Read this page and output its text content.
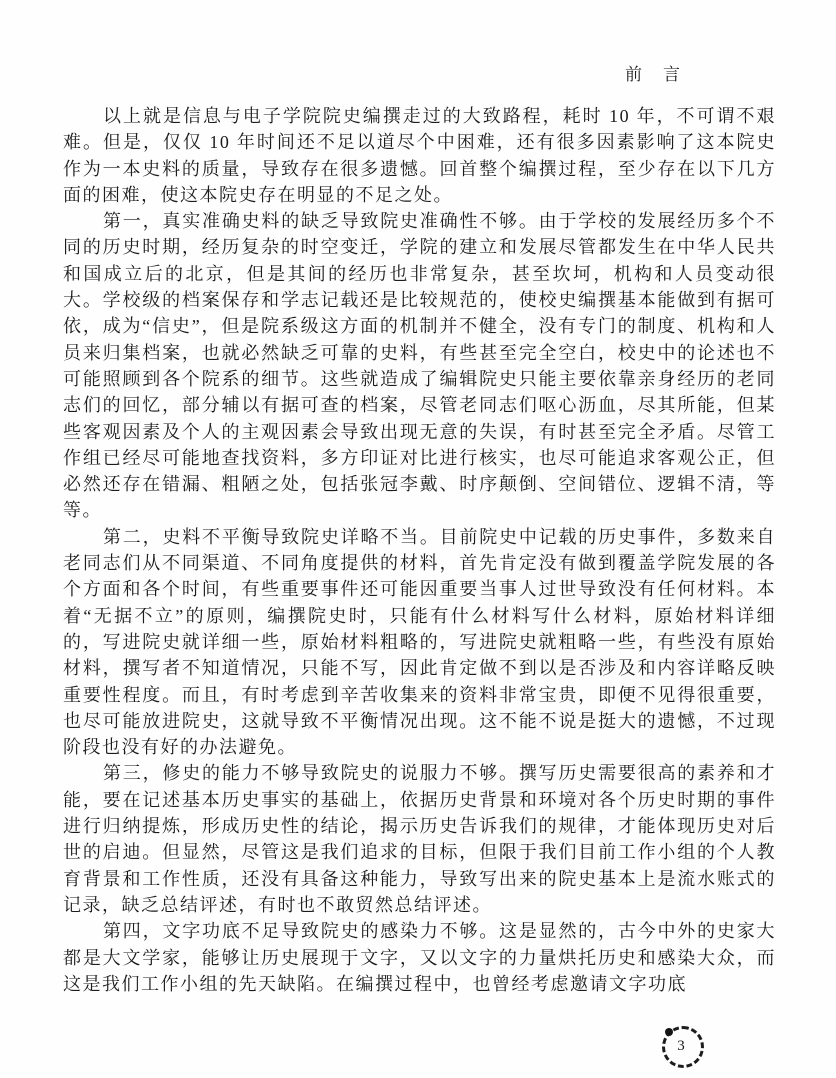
前　言

以上就是信息与电子学院院史编撰走过的大致路程，耗时 10 年，不可谓不艰难。但是，仅仅 10 年时间还不足以道尽个中困难，还有很多因素影响了这本院史作为一本史料的质量，导致存在很多遗憾。回首整个编撰过程，至少存在以下几方面的困难，使这本院史存在明显的不足之处。

第一，真实准确史料的缺乏导致院史准确性不够。由于学校的发展经历多个不同的历史时期，经历复杂的时空变迁，学院的建立和发展尽管都发生在中华人民共和国成立后的北京，但是其间的经历也非常复杂，甚至坎坷，机构和人员变动很大。学校级的档案保存和学志记载还是比较规范的，使校史编撰基本能做到有据可依，成为“信史”，但是院系级这方面的机制并不健全，没有专门的制度、机构和人员来归集档案，也就必然缺乏可靠的史料，有些甚至完全空白，校史中的论述也不可能照顾到各个院系的细节。这些就造成了编辑院史只能主要依靠亲身经历的老同志们的回忆，部分辅以有据可查的档案，尽管老同志们呕心沥血，尽其所能，但某些客观因素及个人的主观因素会导致出现无意的失误，有时甚至完全矛盾。尽管工作组已经尽可能地查找资料，多方印证对比进行核实，也尽可能追求客观公正，但必然还存在错漏、粗陋之处，包括张冠李戴、时序颠倒、空间错位、逻辑不清，等等。

第二，史料不平衡导致院史详略不当。目前院史中记载的历史事件，多数来自老同志们从不同渠道、不同角度提供的材料，首先肯定没有做到覆盖学院发展的各个方面和各个时间，有些重要事件还可能因重要当事人过世导致没有任何材料。本着“无据不立”的原则，编撰院史时，只能有什么材料写什么材料，原始材料详细的，写进院史就详细一些，原始材料粗略的，写进院史就粗略一些，有些没有原始材料，撰写者不知道情况，只能不写，因此肯定做不到以是否涉及和内容详略反映重要性程度。而且，有时考虑到辛苦收集来的资料非常宝贵，即便不见得很重要，也尽可能放进院史，这就导致不平衡情况出现。这不能不说是挺大的遗憾，不过现阶段也没有好的办法避免。

第三，修史的能力不够导致院史的说服力不够。撰写历史需要很高的素养和才能，要在记述基本历史事实的基础上，依据历史背景和环境对各个历史时期的事件进行归纳提炼，形成历史性的结论，揭示历史告诉我们的规律，才能体现历史对后世的启迪。但显然，尽管这是我们追求的目标，但限于我们目前工作小组的个人教育背景和工作性质，还没有具备这种能力，导致写出来的院史基本上是流水账式的记录，缺乏总结评述，有时也不敢贸然总结评述。

第四，文字功底不足导致院史的感染力不够。这是显然的，古今中外的史家大都是大文学家，能够让历史展现于文字，又以文字的力量烘托历史和感染大众，而这是我们工作小组的先天缺陷。在编撰过程中，也曾经考虑邀请文字功底

3
